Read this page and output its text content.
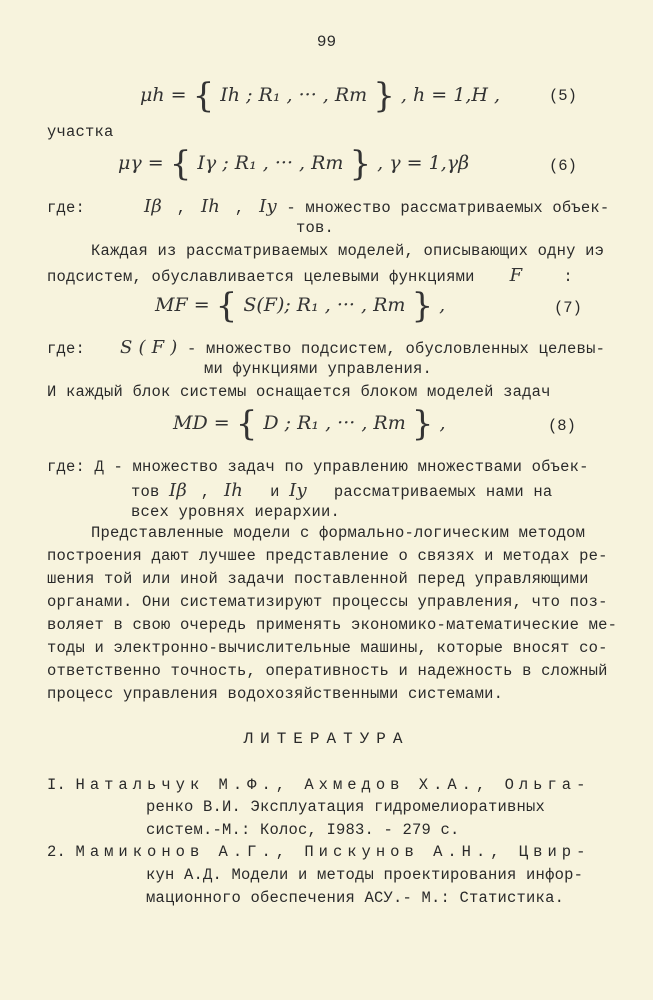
99
μh = { Ih ; R₁ , ··· , Rm } , h = 1,H ,	(5)
участка
μγ = { Iγ ; R₁ , ··· , Rm } , γ = 1,γβ	(6)
где:	Iβ , Ih , Iy - множество рассматриваемых объек-
тов.
Каждая из рассматриваемых моделей, описывающих одну иэ
подсистем, обуславливается целевыми функциями F	:
MF = { S(F); R₁ , ··· , Rm } ,	(7)
где: S ( F ) - множество подсистем, обусловленных целевы-
ми функциями управления.
И каждый блок системы оснащается блоком моделей задач
MD = { D ; R₁ , ··· , Rm } ,	(8)
где: Д - множество задач по управлению множествами объек-
тов Iβ , Ih и Iy рассматриваемых нами на
всех уровнях иерархии.
Представленные модели с формально-логическим методом
построения дают лучшее представление о связях и методах ре-
шения той или иной задачи поставленной перед управляющими
органами. Они систематизируют процессы управления, что поз-
воляет в свою очередь применять экономико-математические ме-
тоды и электронно-вычислительные машины, которые вносят со-
ответственно точность, оперативность и надежность в сложный
процесс управления водохозяйственными системами.
ЛИТЕРАТУРА
I. Натальчук М.Ф., Ахмедов Х.А., Ольга-
ренко В.И. Эксплуатация гидромелиоративных
систем.-М.: Колос, I983. - 279 с.
2. Мамиконов А.Г., Пискунов А.Н., Цвир-
кун А.Д. Модели и методы проектирования инфор-
мационного обеспечения АСУ.- М.: Статистика.
